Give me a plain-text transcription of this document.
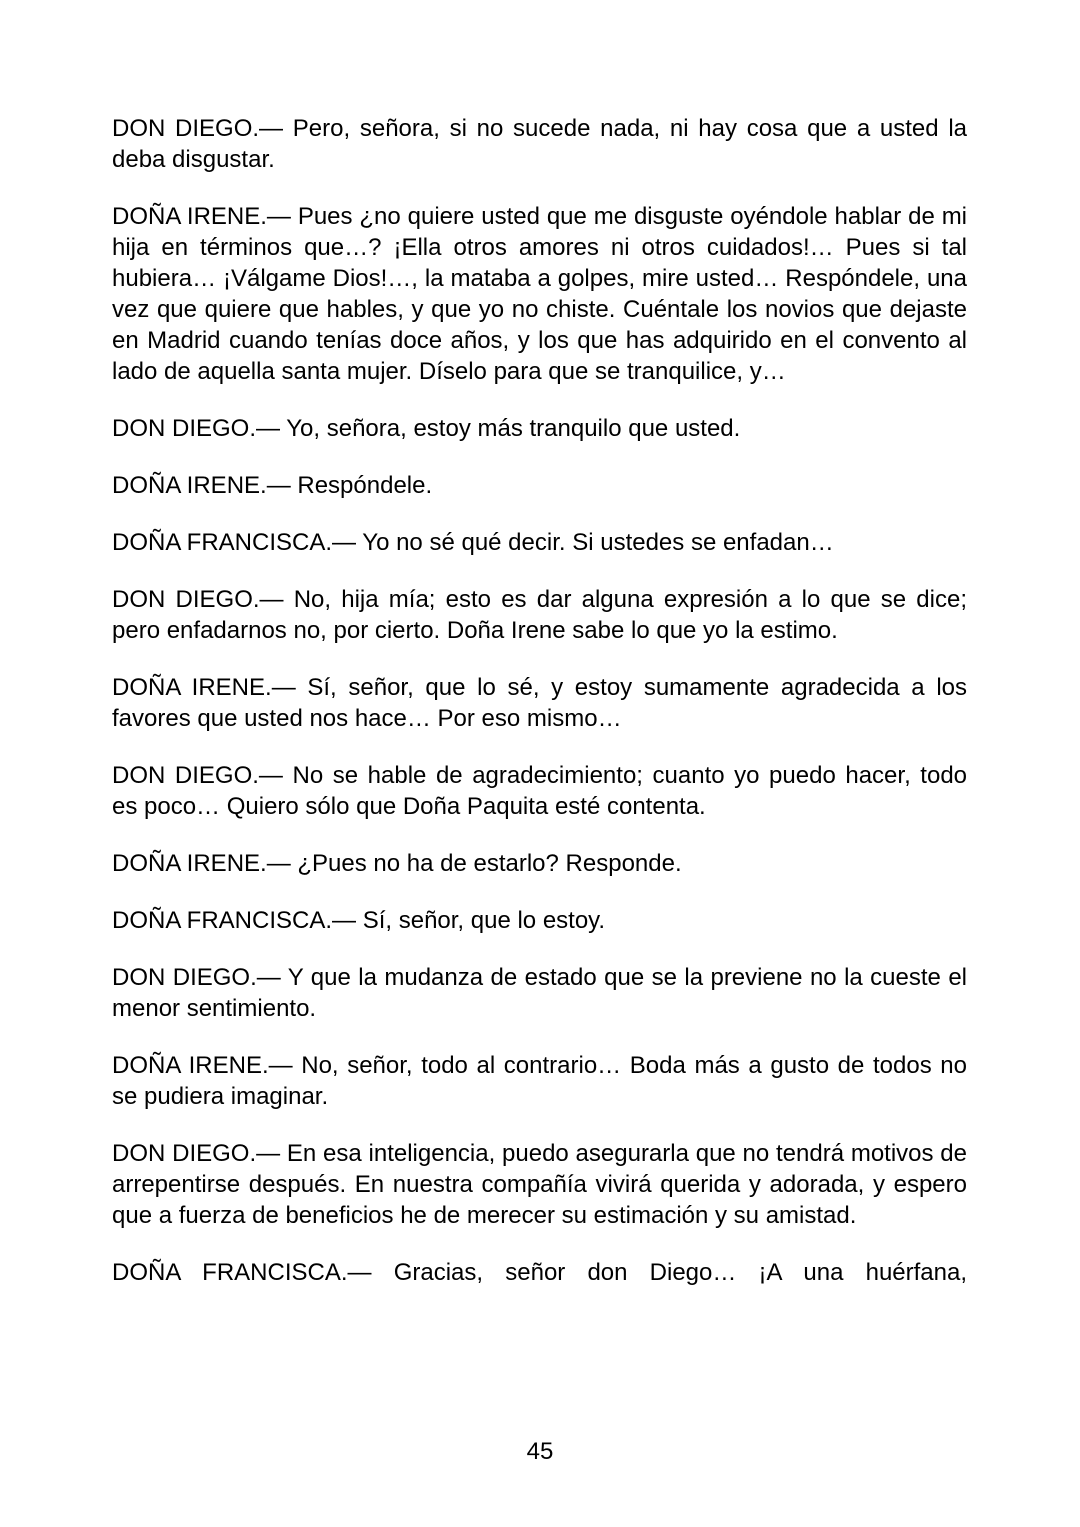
DON DIEGO.— Pero, señora, si no sucede nada, ni hay cosa que a usted la deba disgustar.

DOÑA IRENE.— Pues ¿no quiere usted que me disguste oyéndole hablar de mi hija en términos que…? ¡Ella otros amores ni otros cuidados!… Pues si tal hubiera… ¡Válgame Dios!…, la mataba a golpes, mire usted… Respóndele, una vez que quiere que hables, y que yo no chiste. Cuéntale los novios que dejaste en Madrid cuando tenías doce años, y los que has adquirido en el convento al lado de aquella santa mujer. Díselo para que se tranquilice, y…

DON DIEGO.— Yo, señora, estoy más tranquilo que usted.

DOÑA IRENE.— Respóndele.

DOÑA FRANCISCA.— Yo no sé qué decir. Si ustedes se enfadan…

DON DIEGO.— No, hija mía; esto es dar alguna expresión a lo que se dice; pero enfadarnos no, por cierto. Doña Irene sabe lo que yo la estimo.

DOÑA IRENE.— Sí, señor, que lo sé, y estoy sumamente agradecida a los favores que usted nos hace… Por eso mismo…

DON DIEGO.— No se hable de agradecimiento; cuanto yo puedo hacer, todo es poco… Quiero sólo que Doña Paquita esté contenta.

DOÑA IRENE.— ¿Pues no ha de estarlo? Responde.

DOÑA FRANCISCA.— Sí, señor, que lo estoy.

DON DIEGO.— Y que la mudanza de estado que se la previene no la cueste el menor sentimiento.

DOÑA IRENE.— No, señor, todo al contrario… Boda más a gusto de todos no se pudiera imaginar.

DON DIEGO.— En esa inteligencia, puedo asegurarla que no tendrá motivos de arrepentirse después. En nuestra compañía vivirá querida y adorada, y espero que a fuerza de beneficios he de merecer su estimación y su amistad.

DOÑA FRANCISCA.— Gracias, señor don Diego… ¡A una huérfana,

45
